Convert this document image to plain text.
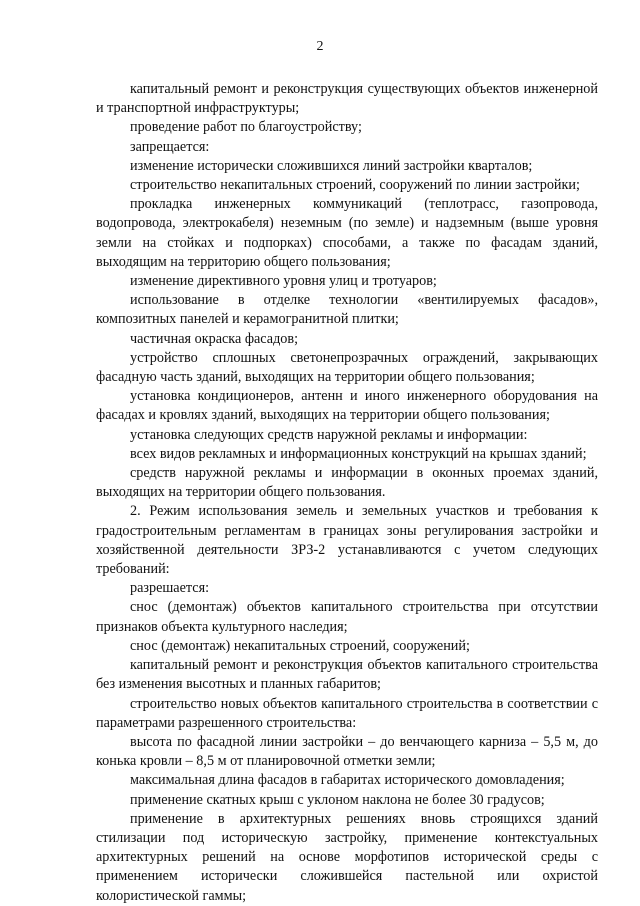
2

капитальный ремонт и реконструкция существующих объектов инженерной и транспортной инфраструктуры;

проведение работ по благоустройству;

запрещается:

изменение исторически сложившихся линий застройки кварталов;

строительство некапитальных строений, сооружений по линии застройки;

прокладка инженерных коммуникаций (теплотрасс, газопровода, водопровода, электрокабеля) неземным (по земле) и надземным (выше уровня земли на стойках и подпорках) способами, а также по фасадам зданий, выходящим на территорию общего пользования;

изменение директивного уровня улиц и тротуаров;

использование в отделке технологии «вентилируемых фасадов», композитных панелей и керамогранитной плитки;

частичная окраска фасадов;

устройство сплошных светонепрозрачных ограждений, закрывающих фасадную часть зданий, выходящих на территории общего пользования;

установка кондиционеров, антенн и иного инженерного оборудования на фасадах и кровлях зданий, выходящих на территории общего пользования;

установка следующих средств наружной рекламы и информации:

всех видов рекламных и информационных конструкций на крышах зданий;

средств наружной рекламы и информации в оконных проемах зданий, выходящих на территории общего пользования.

2. Режим использования земель и земельных участков и требования к градостроительным регламентам в границах зоны регулирования застройки и хозяйственной деятельности ЗРЗ-2 устанавливаются с учетом следующих требований:

разрешается:

снос (демонтаж) объектов капитального строительства при отсутствии признаков объекта культурного наследия;

снос (демонтаж) некапитальных строений, сооружений;

капитальный ремонт и реконструкция объектов капитального строительства без изменения высотных и планных габаритов;

строительство новых объектов капитального строительства в соответствии с параметрами разрешенного строительства:

высота по фасадной линии застройки – до венчающего карниза – 5,5 м, до конька кровли – 8,5 м от планировочной отметки земли;

максимальная длина фасадов в габаритах исторического домовладения;

применение скатных крыш с уклоном наклона не более 30 градусов;

применение в архитектурных решениях вновь строящихся зданий стилизации под историческую застройку, применение контекстуальных архитектурных решений на основе морфотипов исторической среды с применением исторически сложившейся пастельной или охристой колористической гаммы;
